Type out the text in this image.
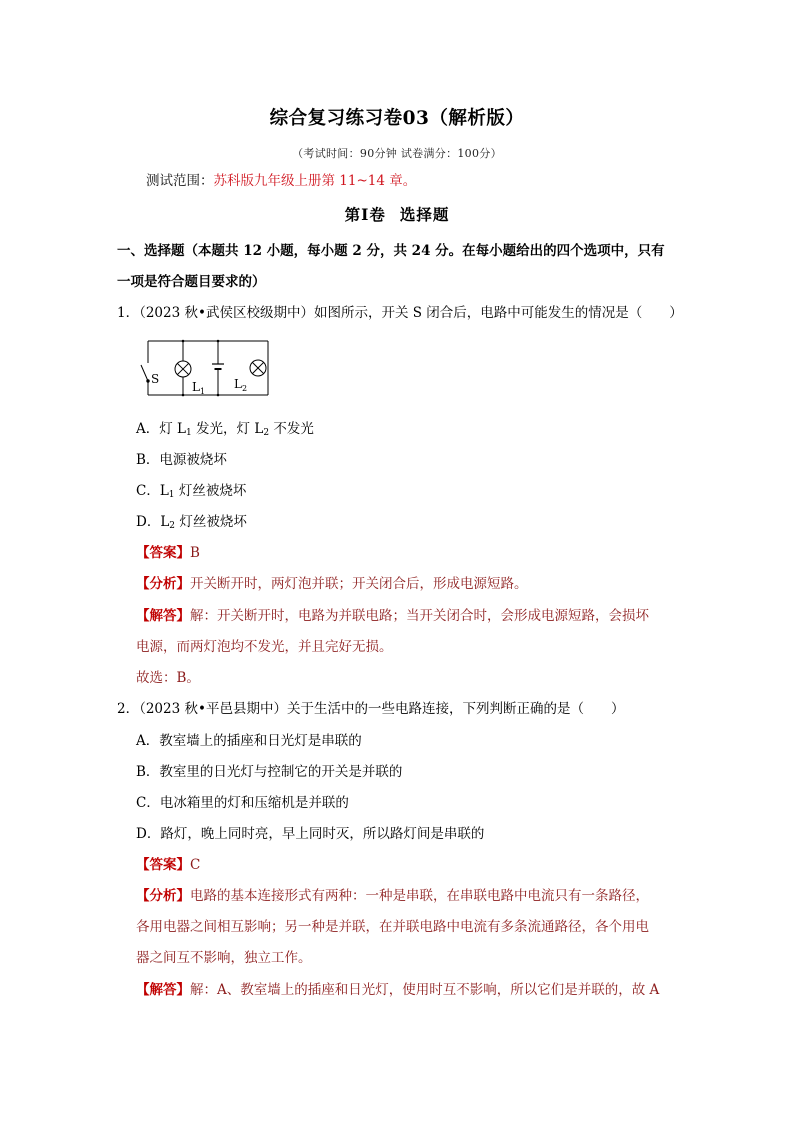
综合复习练习卷03（解析版）
（考试时间：90分钟 试卷满分：100分）
测试范围：苏科版九年级上册第 11~14 章。
第Ⅰ卷 选择题
一、选择题（本题共 12 小题，每小题 2 分，共 24 分。在每小题给出的四个选项中，只有
一项是符合题目要求的）
1．（2023 秋•武侯区校级期中）如图所示，开关 S 闭合后，电路中可能发生的情况是（　　）
S
$L_1$
$L_2$
A．灯 $L_1$ 发光，灯 $L_2$ 不发光
B．电源被烧坏
C．$L_1$ 灯丝被烧坏
D．$L_2$ 灯丝被烧坏
【答案】B
【分析】开关断开时，两灯泡并联；开关闭合后，形成电源短路。
【解答】解：开关断开时，电路为并联电路；当开关闭合时，会形成电源短路，会损坏
电源，而两灯泡均不发光，并且完好无损。
故选：B。
2．（2023 秋•平邑县期中）关于生活中的一些电路连接，下列判断正确的是（　　）
A．教室墙上的插座和日光灯是串联的
B．教室里的日光灯与控制它的开关是并联的
C．电冰箱里的灯和压缩机是并联的
D．路灯，晚上同时亮，早上同时灭，所以路灯间是串联的
【答案】C
【分析】电路的基本连接形式有两种：一种是串联，在串联电路中电流只有一条路径，
各用电器之间相互影响；另一种是并联，在并联电路中电流有多条流通路径，各个用电
器之间互不影响，独立工作。
【解答】解：A、教室墙上的插座和日光灯，使用时互不影响，所以它们是并联的，故 A
